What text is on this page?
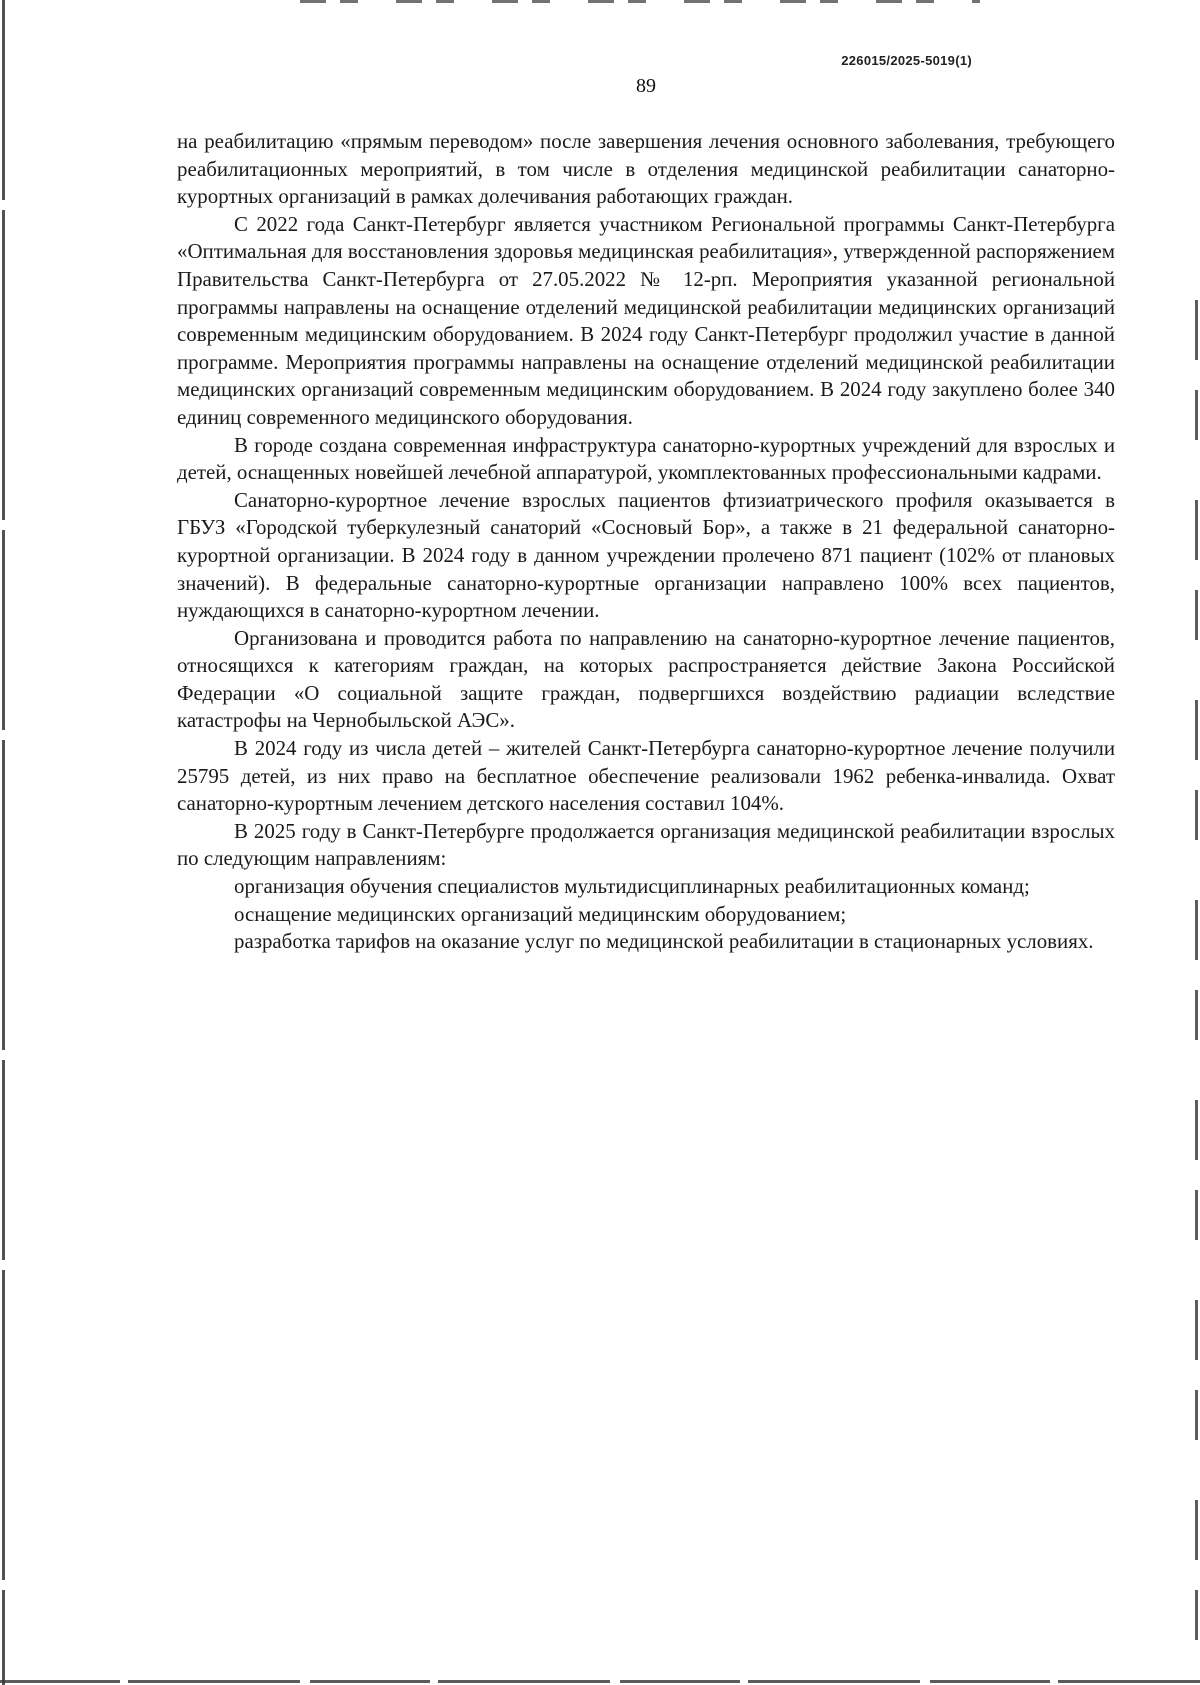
226015/2025-5019(1)
89

на реабилитацию «прямым переводом» после завершения лечения основного заболевания, требующего реабилитационных мероприятий, в том числе в отделения медицинской реабилитации санаторно-курортных организаций в рамках долечивания работающих граждан.

С 2022 года Санкт-Петербург является участником Региональной программы Санкт-Петербурга «Оптимальная для восстановления здоровья медицинская реабилитация», утвержденной распоряжением Правительства Санкт-Петербурга от 27.05.2022 № 12-рп. Мероприятия указанной региональной программы направлены на оснащение отделений медицинской реабилитации медицинских организаций современным медицинским оборудованием. В 2024 году Санкт-Петербург продолжил участие в данной программе. Мероприятия программы направлены на оснащение отделений медицинской реабилитации медицинских организаций современным медицинским оборудованием. В 2024 году закуплено более 340 единиц современного медицинского оборудования.

В городе создана современная инфраструктура санаторно-курортных учреждений для взрослых и детей, оснащенных новейшей лечебной аппаратурой, укомплектованных профессиональными кадрами.

Санаторно-курортное лечение взрослых пациентов фтизиатрического профиля оказывается в ГБУЗ «Городской туберкулезный санаторий «Сосновый Бор», а также в 21 федеральной санаторно-курортной организации. В 2024 году в данном учреждении пролечено 871 пациент (102% от плановых значений). В федеральные санаторно-курортные организации направлено 100% всех пациентов, нуждающихся в санаторно-курортном лечении.

Организована и проводится работа по направлению на санаторно-курортное лечение пациентов, относящихся к категориям граждан, на которых распространяется действие Закона Российской Федерации «О социальной защите граждан, подвергшихся воздействию радиации вследствие катастрофы на Чернобыльской АЭС».

В 2024 году из числа детей – жителей Санкт-Петербурга санаторно-курортное лечение получили 25795 детей, из них право на бесплатное обеспечение реализовали 1962 ребенка-инвалида. Охват санаторно-курортным лечением детского населения составил 104%.

В 2025 году в Санкт-Петербурге продолжается организация медицинской реабилитации взрослых по следующим направлениям:

организация обучения специалистов мультидисциплинарных реабилитационных команд;

оснащение медицинских организаций медицинским оборудованием;

разработка тарифов на оказание услуг по медицинской реабилитации в стационарных условиях.
